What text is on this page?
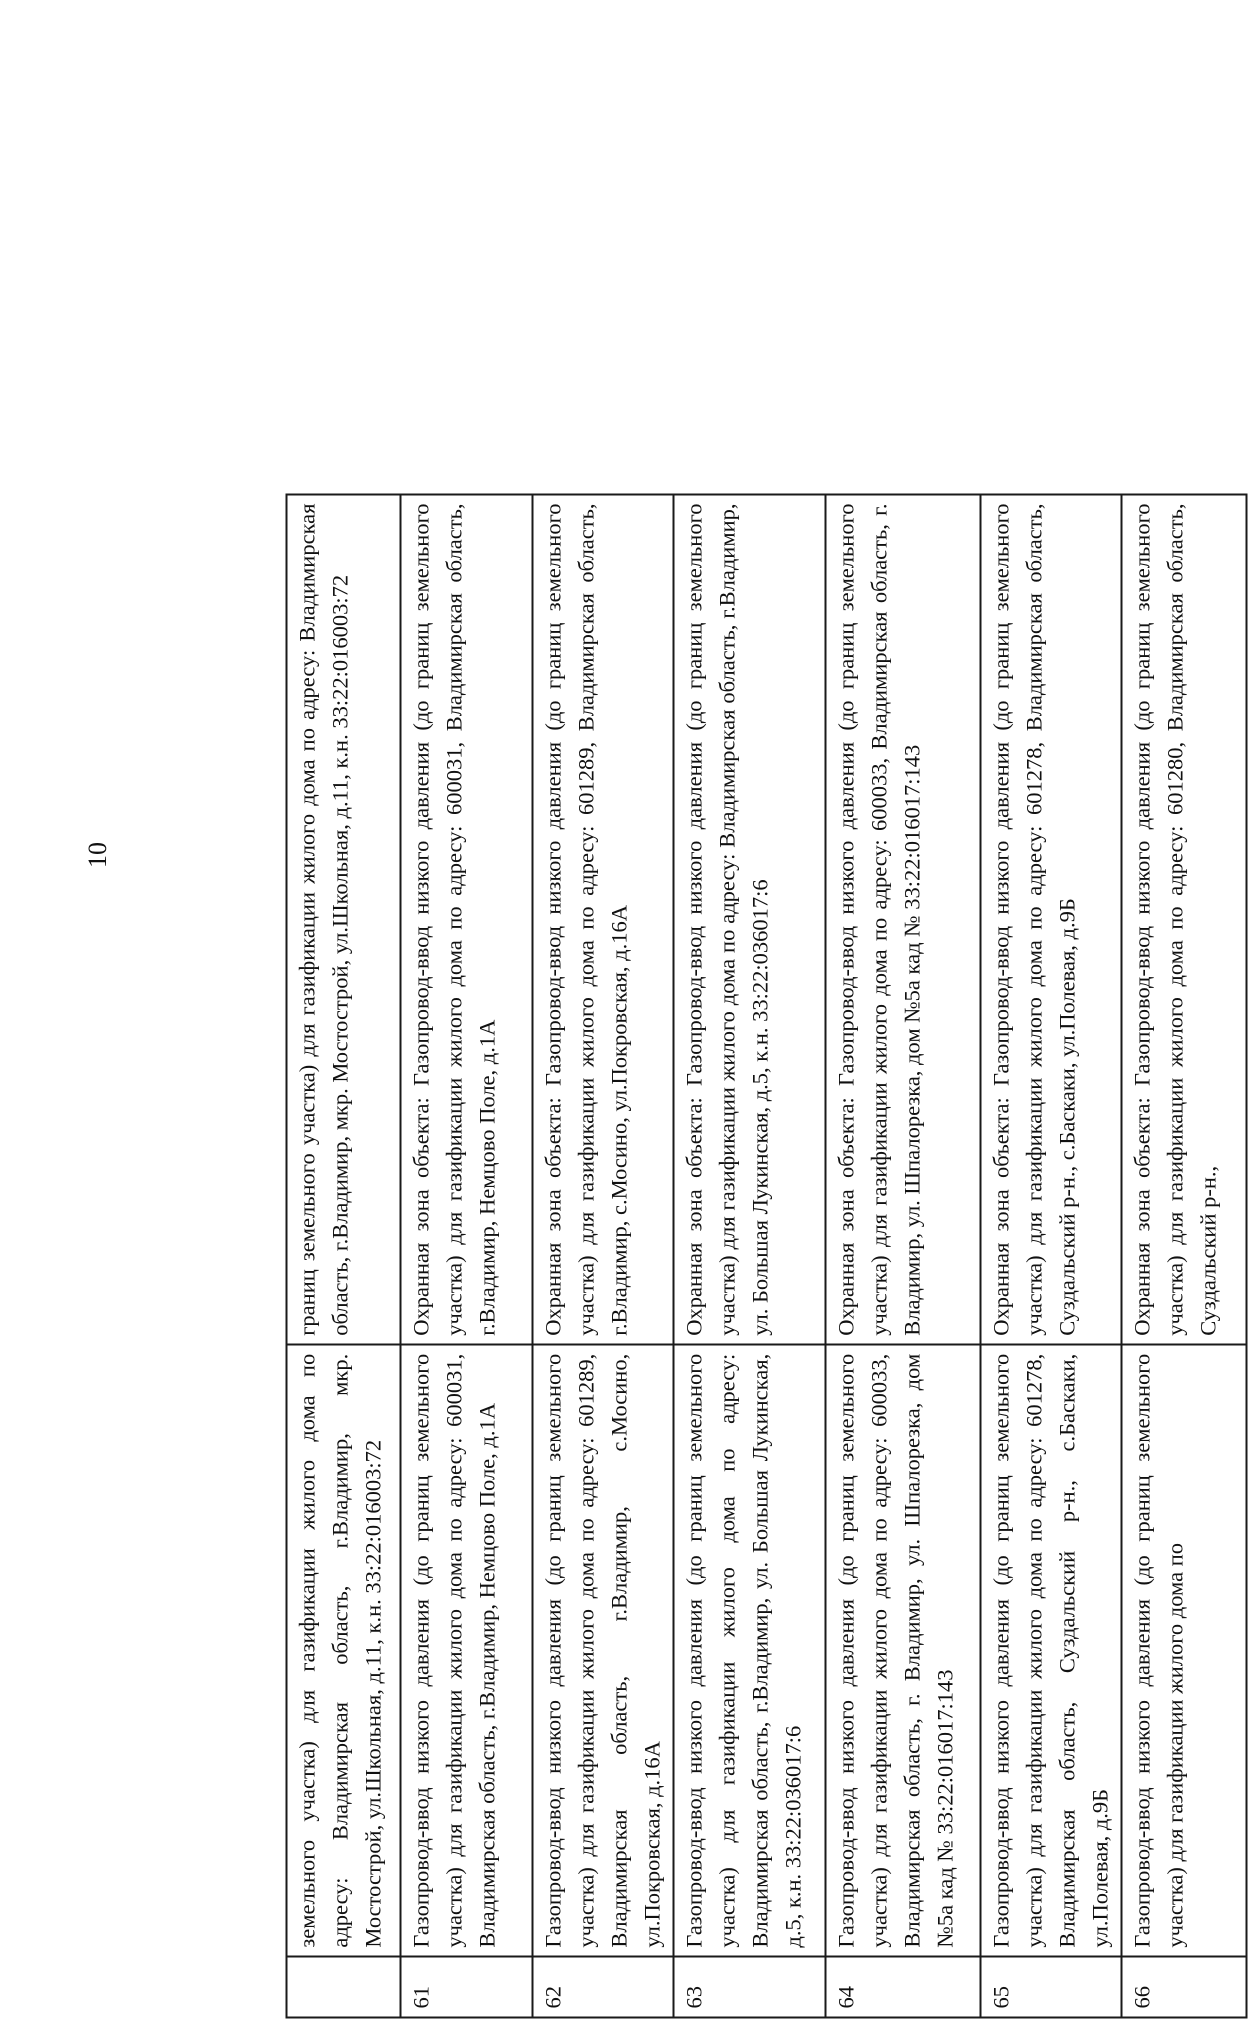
10
	земельного участка) для газификации жилого дома по адресу: Владимирская область, г.Владимир, мкр. Мостострой, ул.Школьная, д.11, к.н. 33:22:016003:72	границ земельного участка) для газификации жилого дома по адресу: Владимирская область, г.Владимир, мкр. Мостострой, ул.Школьная, д.11, к.н. 33:22:016003:72
61	Газопровод-ввод низкого давления (до границ земельного участка) для газификации жилого дома по адресу: 600031, Владимирская область, г.Владимир, Немцово Поле, д.1А	Охранная зона объекта: Газопровод-ввод низкого давления (до границ земельного участка) для газификации жилого дома по адресу: 600031, Владимирская область, г.Владимир, Немцово Поле, д.1А
62	Газопровод-ввод низкого давления (до границ земельного участка) для газификации жилого дома по адресу: 601289, Владимирская область, г.Владимир, с.Мосино, ул.Покровская, д.16А	Охранная зона объекта: Газопровод-ввод низкого давления (до границ земельного участка) для газификации жилого дома по адресу: 601289, Владимирская область, г.Владимир, с.Мосино, ул.Покровская, д.16А
63	Газопровод-ввод низкого давления (до границ земельного участка) для газификации жилого дома по адресу: Владимирская область, г.Владимир, ул. Большая Лукинская, д.5, к.н. 33:22:036017:6	Охранная зона объекта: Газопровод-ввод низкого давления (до границ земельного участка) для газификации жилого дома по адресу: Владимирская область, г.Владимир, ул. Большая Лукинская, д.5, к.н. 33:22:036017:6
64	Газопровод-ввод низкого давления (до границ земельного участка) для газификации жилого дома по адресу: 600033, Владимирская область, г. Владимир, ул. Шпалорезка, дом №5а кад № 33:22:016017:143	Охранная зона объекта: Газопровод-ввод низкого давления (до границ земельного участка) для газификации жилого дома по адресу: 600033, Владимирская область, г. Владимир, ул. Шпалорезка, дом №5а кад № 33:22:016017:143
65	Газопровод-ввод низкого давления (до границ земельного участка) для газификации жилого дома по адресу: 601278, Владимирская область, Суздальский р-н., с.Баскаки, ул.Полевая, д.9Б	Охранная зона объекта: Газопровод-ввод низкого давления (до границ земельного участка) для газификации жилого дома по адресу: 601278, Владимирская область, Суздальский р-н., с.Баскаки, ул.Полевая, д.9Б
66	Газопровод-ввод низкого давления (до границ земельного участка) для газификации жилого дома по	Охранная зона объекта: Газопровод-ввод низкого давления (до границ земельного участка) для газификации жилого дома по адресу: 601280, Владимирская область, Суздальский р-н.,
